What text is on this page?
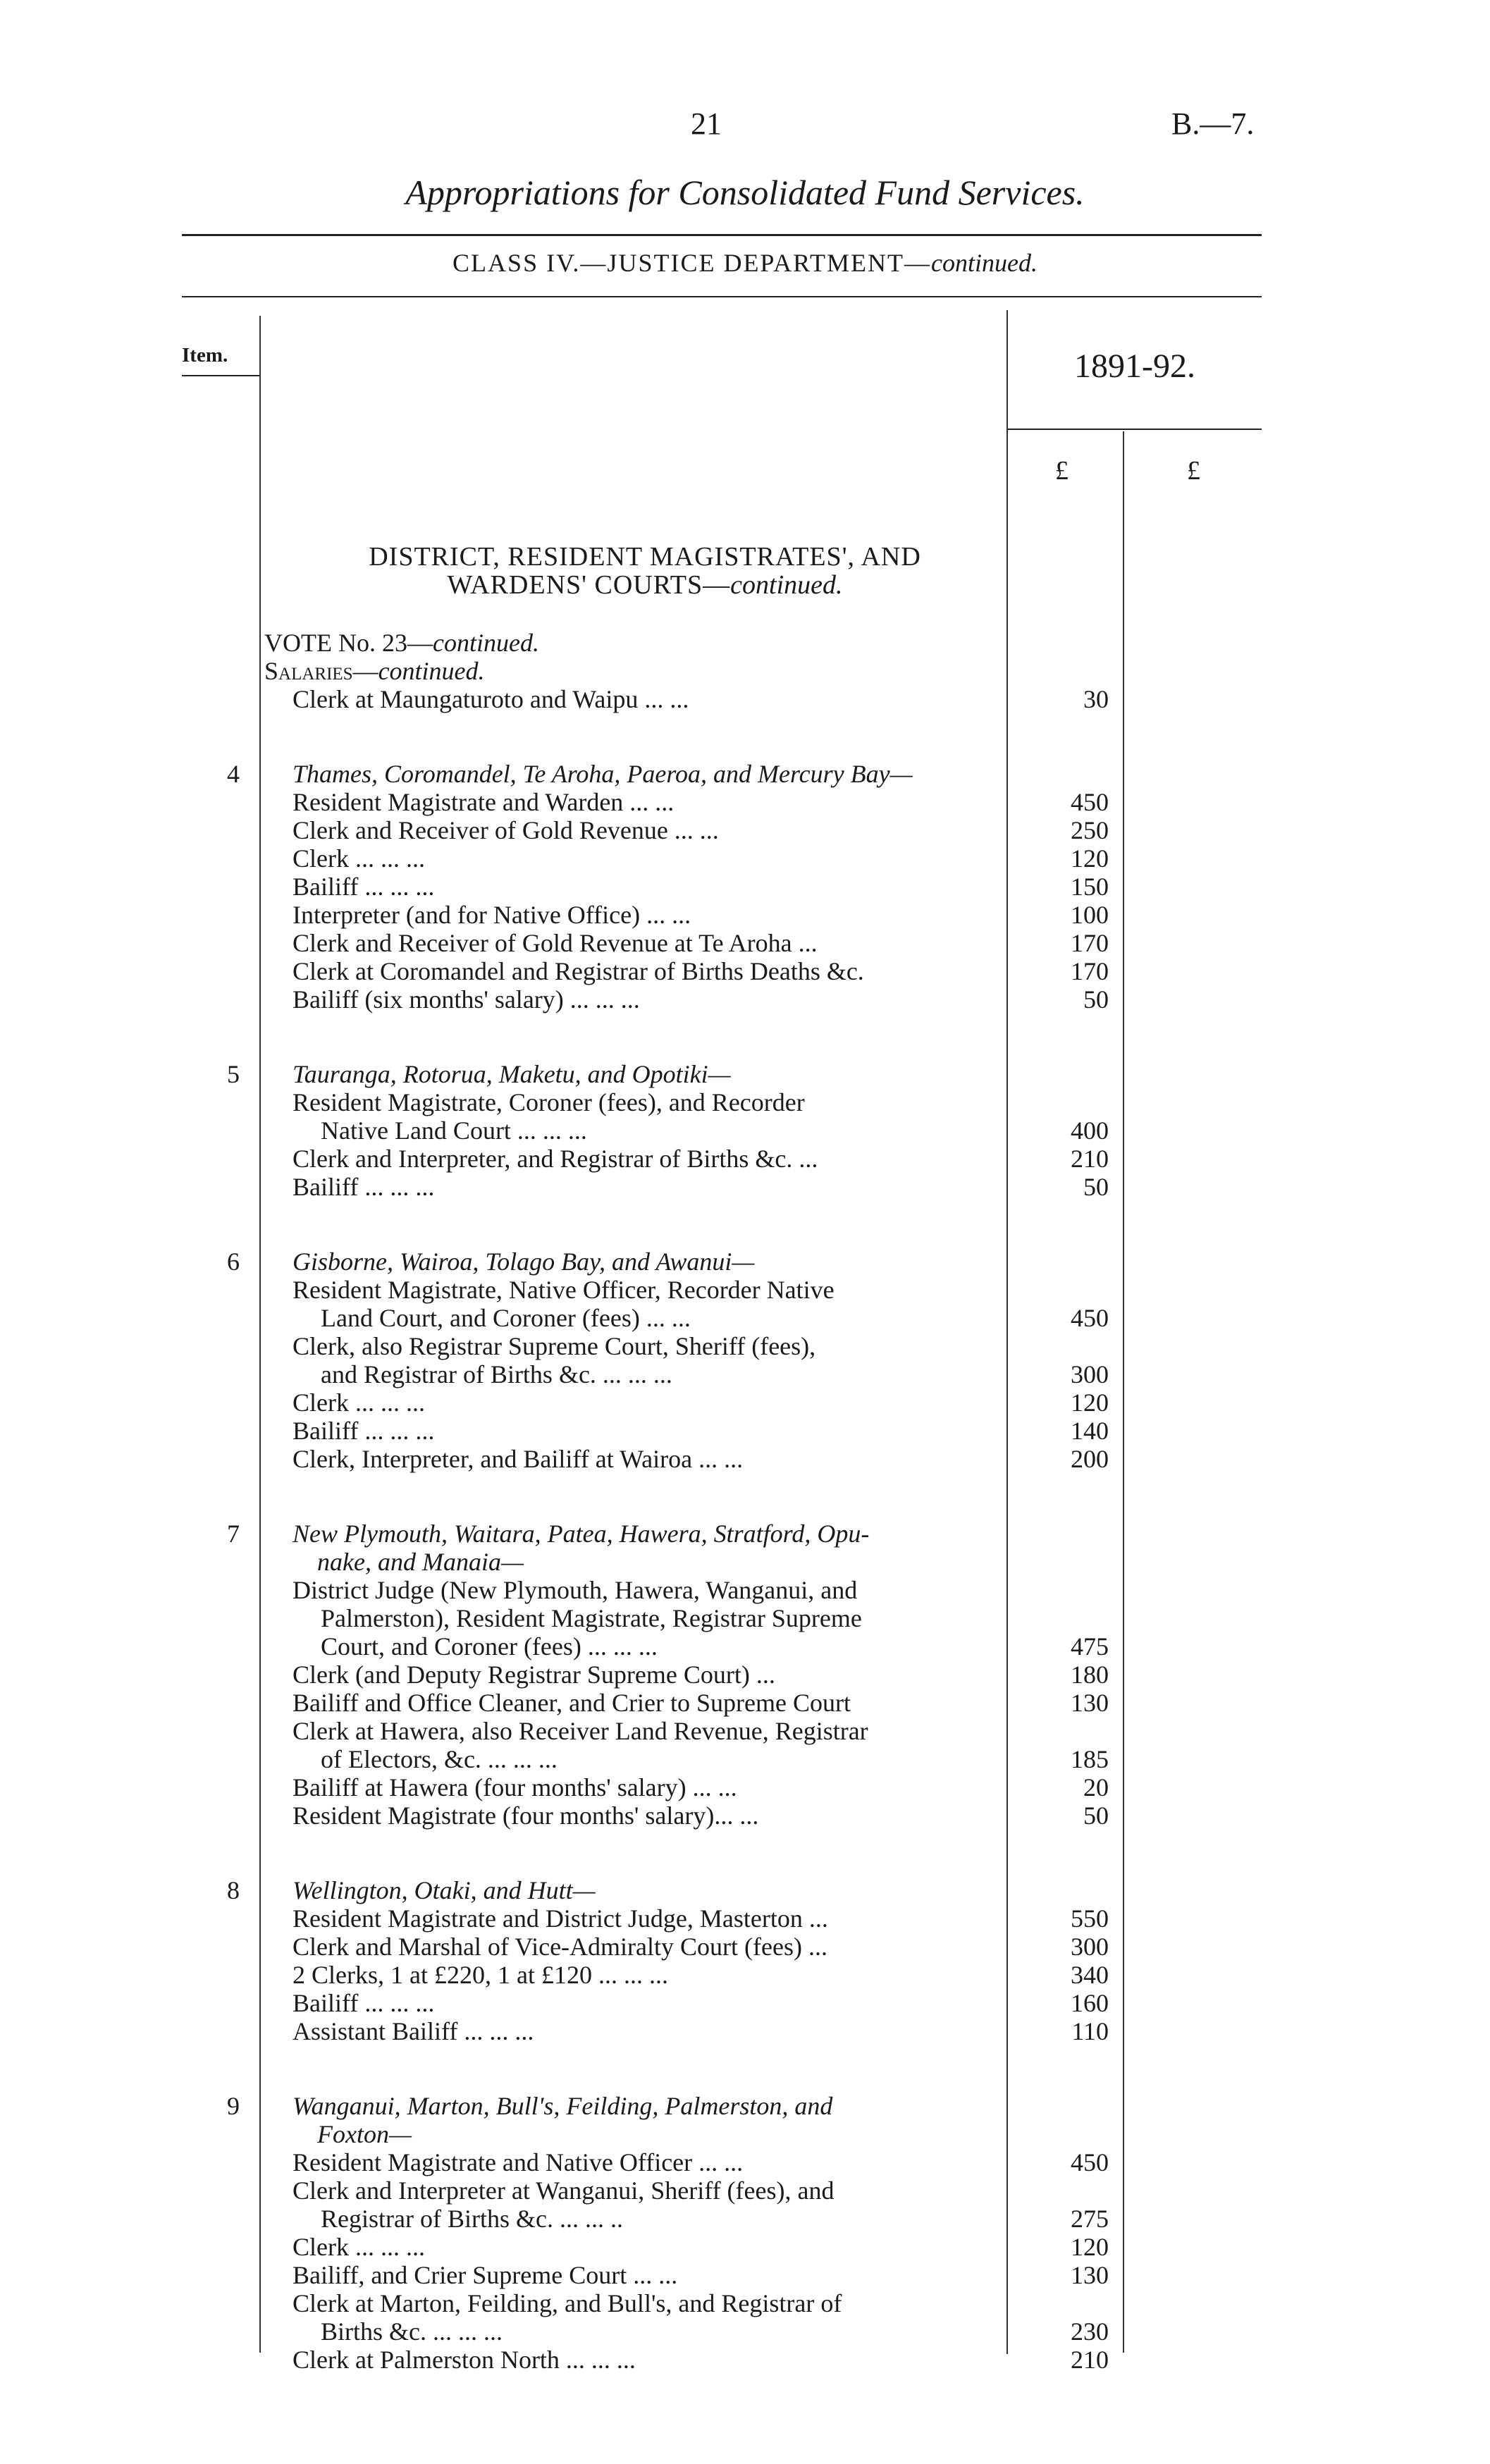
21	B.—7.
Appropriations for Consolidated Fund Services.
CLASS IV.—JUSTICE DEPARTMENT—continued.
Item.	1891-92.
£	£
DISTRICT, RESIDENT MAGISTRATES', AND
WARDENS' COURTS—continued.
VOTE No. 23—continued.
Salaries—continued.
Clerk at Maungaturoto and Waipu ... ...	30
4 Thames, Coromandel, Te Aroha, Paeroa, and Mercury Bay—
Resident Magistrate and Warden ... ...	450
Clerk and Receiver of Gold Revenue ... ...	250
Clerk ... ... ...	120
Bailiff ... ... ...	150
Interpreter (and for Native Office) ... ...	100
Clerk and Receiver of Gold Revenue at Te Aroha ...	170
Clerk at Coromandel and Registrar of Births Deaths &c.	170
Bailiff (six months' salary) ... ... ...	50
5 Tauranga, Rotorua, Maketu, and Opotiki—
Resident Magistrate, Coroner (fees), and Recorder
Native Land Court ... ... ...	400
Clerk and Interpreter, and Registrar of Births &c. ...	210
Bailiff ... ... ...	50
6 Gisborne, Wairoa, Tolago Bay, and Awanui—
Resident Magistrate, Native Officer, Recorder Native
Land Court, and Coroner (fees) ... ...	450
Clerk, also Registrar Supreme Court, Sheriff (fees),
and Registrar of Births &c. ... ... ...	300
Clerk ... ... ...	120
Bailiff ... ... ...	140
Clerk, Interpreter, and Bailiff at Wairoa ... ...	200
7 New Plymouth, Waitara, Patea, Hawera, Stratford, Opu-
nake, and Manaia—
District Judge (New Plymouth, Hawera, Wanganui, and
Palmerston), Resident Magistrate, Registrar Supreme
Court, and Coroner (fees) ... ... ...	475
Clerk (and Deputy Registrar Supreme Court) ...	180
Bailiff and Office Cleaner, and Crier to Supreme Court	130
Clerk at Hawera, also Receiver Land Revenue, Registrar
of Electors, &c. ... ... ...	185
Bailiff at Hawera (four months' salary) ... ...	20
Resident Magistrate (four months' salary)... ...	50
8 Wellington, Otaki, and Hutt—
Resident Magistrate and District Judge, Masterton ...	550
Clerk and Marshal of Vice-Admiralty Court (fees) ...	300
2 Clerks, 1 at £220, 1 at £120 ... ... ...	340
Bailiff ... ... ...	160
Assistant Bailiff ... ... ...	110
9 Wanganui, Marton, Bull's, Feilding, Palmerston, and
Foxton—
Resident Magistrate and Native Officer ... ...	450
Clerk and Interpreter at Wanganui, Sheriff (fees), and
Registrar of Births &c. ... ... ..	275
Clerk ... ... ...	120
Bailiff, and Crier Supreme Court ... ...	130
Clerk at Marton, Feilding, and Bull's, and Registrar of
Births &c. ... ... ...	230
Clerk at Palmerston North ... ... ...	210
